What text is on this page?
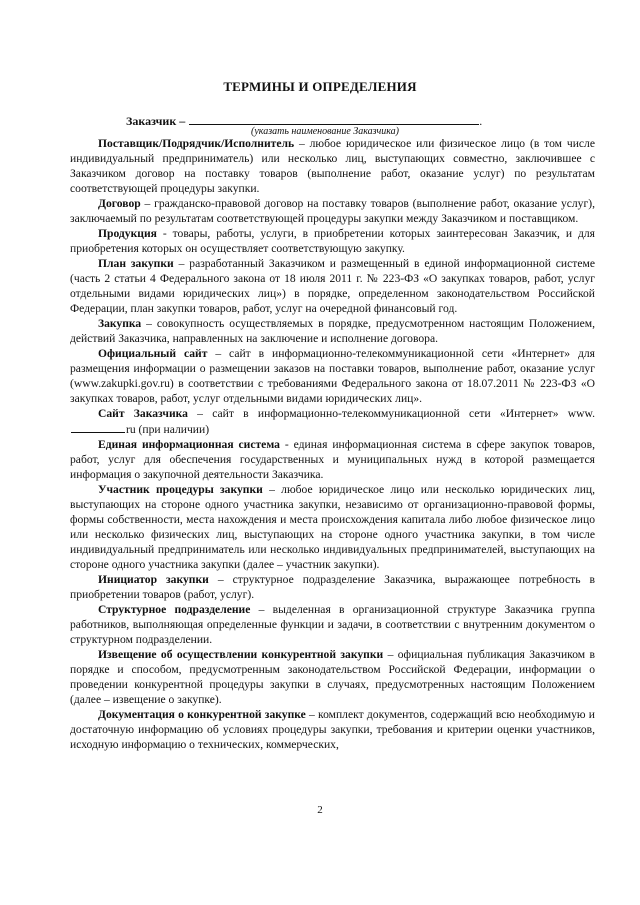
ТЕРМИНЫ И ОПРЕДЕЛЕНИЯ
Заказчик –	.
(указать наименование Заказчика)

Поставщик/Подрядчик/Исполнитель – любое юридическое или физическое лицо (в том числе индивидуальный предприниматель) или несколько лиц, выступающих совместно, заключившее с Заказчиком договор на поставку товаров (выполнение работ, оказание услуг) по результатам соответствующей процедуры закупки.

Договор – гражданско-правовой договор на поставку товаров (выполнение работ, оказание услуг), заключаемый по результатам соответствующей процедуры закупки между Заказчиком и поставщиком.

Продукция - товары, работы, услуги, в приобретении которых заинтересован Заказчик, и для приобретения которых он осуществляет соответствующую закупку.

План закупки – разработанный Заказчиком и размещенный в единой информационной системе (часть 2 статьи 4 Федерального закона от 18 июля 2011 г. № 223-ФЗ «О закупках товаров, работ, услуг отдельными видами юридических лиц») в порядке, определенном законодательством Российской Федерации, план закупки товаров, работ, услуг на очередной финансовый год.

Закупка – совокупность осуществляемых в порядке, предусмотренном настоящим Положением, действий Заказчика, направленных на заключение и исполнение договора.

Официальный сайт – сайт в информационно-телекоммуникационной сети «Интернет» для размещения информации о размещении заказов на поставки товаров, выполнение работ, оказание услуг (www.zakupki.gov.ru) в соответствии с требованиями Федерального закона от 18.07.2011 № 223-ФЗ «О закупках товаров, работ, услуг отдельными видами юридических лиц».

Сайт Заказчика – сайт в информационно-телекоммуникационной сети «Интернет» www.ru (при наличии)

Единая информационная система - единая информационная система в сфере закупок товаров, работ, услуг для обеспечения государственных и муниципальных нужд в которой размещается информация о закупочной деятельности Заказчика.

Участник процедуры закупки – любое юридическое лицо или несколько юридических лиц, выступающих на стороне одного участника закупки, независимо от организационно-правовой формы, формы собственности, места нахождения и места происхождения капитала либо любое физическое лицо или несколько физических лиц, выступающих на стороне одного участника закупки, в том числе индивидуальный предприниматель или несколько индивидуальных предпринимателей, выступающих на стороне одного участника закупки (далее – участник закупки).

Инициатор закупки – структурное подразделение Заказчика, выражающее потребность в приобретении товаров (работ, услуг).

Структурное подразделение – выделенная в организационной структуре Заказчика группа работников, выполняющая определенные функции и задачи, в соответствии с внутренним документом о структурном подразделении.

Извещение об осуществлении конкурентной закупки – официальная публикация Заказчиком в порядке и способом, предусмотренным законодательством Российской Федерации, информации о проведении конкурентной процедуры закупки в случаях, предусмотренных настоящим Положением (далее – извещение о закупке).

Документация о конкурентной закупке – комплект документов, содержащий всю необходимую и достаточную информацию об условиях процедуры закупки, требования и критерии оценки участников, исходную информацию о технических, коммерческих,

2
